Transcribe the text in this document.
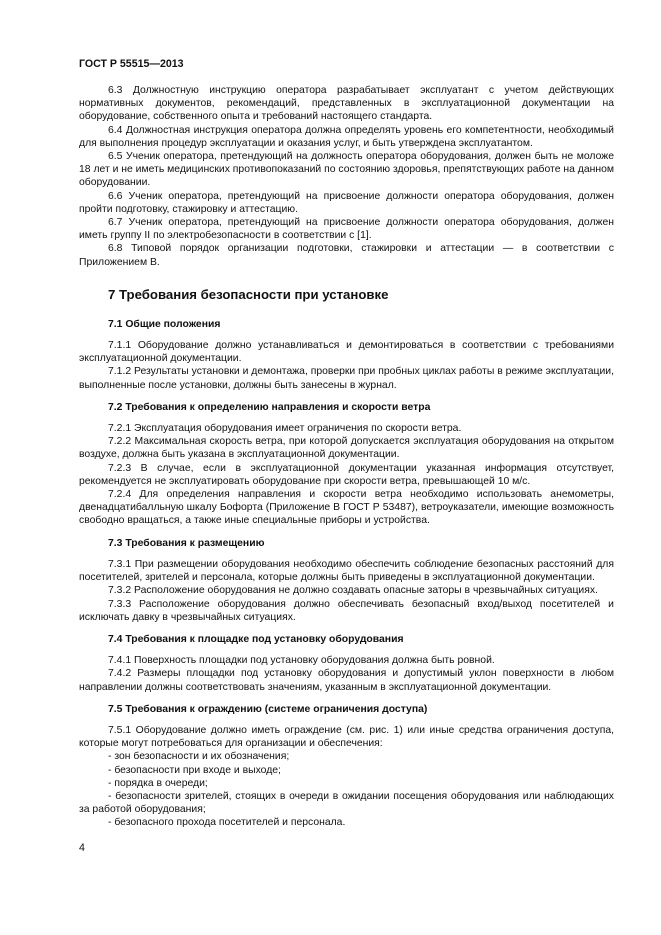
ГОСТ Р 55515—2013

6.3 Должностную инструкцию оператора разрабатывает эксплуатант с учетом действующих нормативных документов, рекомендаций, представленных в эксплуатационной документации на оборудование, собственного опыта и требований настоящего стандарта.

6.4 Должностная инструкция оператора должна определять уровень его компетентности, необходимый для выполнения процедур эксплуатации и оказания услуг, и быть утверждена эксплуатантом.

6.5 Ученик оператора, претендующий на должность оператора оборудования, должен быть не моложе 18 лет и не иметь медицинских противопоказаний по состоянию здоровья, препятствующих работе на данном оборудовании.

6.6 Ученик оператора, претендующий на присвоение должности оператора оборудования, должен пройти подготовку, стажировку и аттестацию.

6.7 Ученик оператора, претендующий на присвоение должности оператора оборудования, должен иметь группу II по электробезопасности в соответствии с [1].

6.8 Типовой порядок организации подготовки, стажировки и аттестации — в соответствии с Приложением В.

7 Требования безопасности при установке
7.1 Общие положения

7.1.1 Оборудование должно устанавливаться и демонтироваться в соответствии с требованиями эксплуатационной документации.

7.1.2 Результаты установки и демонтажа, проверки при пробных циклах работы в режиме эксплуатации, выполненные после установки, должны быть занесены в журнал.

7.2 Требования к определению направления и скорости ветра

7.2.1 Эксплуатация оборудования имеет ограничения по скорости ветра.

7.2.2 Максимальная скорость ветра, при которой допускается эксплуатация оборудования на открытом воздухе, должна быть указана в эксплуатационной документации.

7.2.3 В случае, если в эксплуатационной документации указанная информация отсутствует, рекомендуется не эксплуатировать оборудование при скорости ветра, превышающей 10 м/с.

7.2.4 Для определения направления и скорости ветра необходимо использовать анемометры, двенадцатибалльную шкалу Бофорта (Приложение В ГОСТ Р 53487), ветроуказатели, имеющие возможность свободно вращаться, а также иные специальные приборы и устройства.

7.3 Требования к размещению

7.3.1 При размещении оборудования необходимо обеспечить соблюдение безопасных расстояний для посетителей, зрителей и персонала, которые должны быть приведены в эксплуатационной документации.

7.3.2 Расположение оборудования не должно создавать опасные заторы в чрезвычайных ситуациях.

7.3.3 Расположение оборудования должно обеспечивать безопасный вход/выход посетителей и исключать давку в чрезвычайных ситуациях.

7.4 Требования к площадке под установку оборудования

7.4.1 Поверхность площадки под установку оборудования должна быть ровной.

7.4.2 Размеры площадки под установку оборудования и допустимый уклон поверхности в любом направлении должны соответствовать значениям, указанным в эксплуатационной документации.

7.5 Требования к ограждению (системе ограничения доступа)

7.5.1 Оборудование должно иметь ограждение (см. рис. 1) или иные средства ограничения доступа, которые могут потребоваться для организации и обеспечения:

- зон безопасности и их обозначения;

- безопасности при входе и выходе;

- порядка в очереди;

- безопасности зрителей, стоящих в очереди в ожидании посещения оборудования или наблюдающих за работой оборудования;

- безопасного прохода посетителей и персонала.

4
